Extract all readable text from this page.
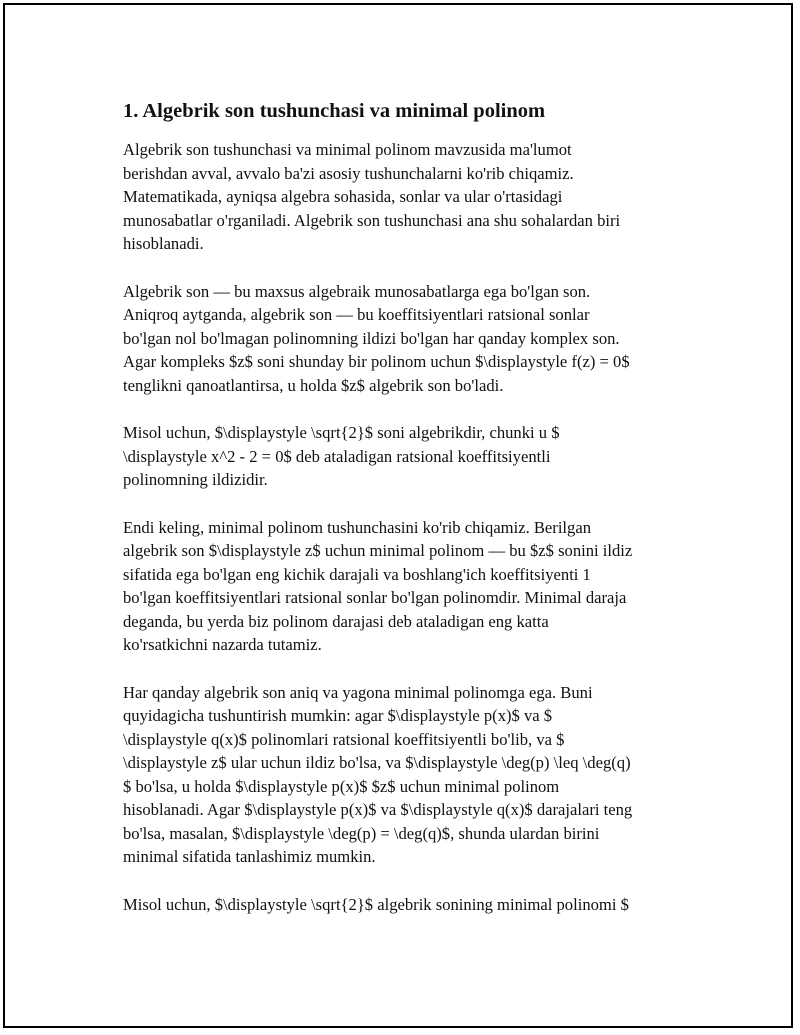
1. Algebrik son tushunchasi va minimal polinom

Algebrik son tushunchasi va minimal polinom mavzusida ma'lumot
berishdan avval, avvalo ba'zi asosiy tushunchalarni ko'rib chiqamiz.
Matematikada, ayniqsa algebra sohasida, sonlar va ular o'rtasidagi
munosabatlar o'rganiladi. Algebrik son tushunchasi ana shu sohalardan biri
hisoblanadi.

Algebrik son — bu maxsus algebraik munosabatlarga ega bo'lgan son.
Aniqroq aytganda, algebrik son — bu koeffitsiyentlari ratsional sonlar
bo'lgan nol bo'lmagan polinomning ildizi bo'lgan har qanday komplex son.
Agar kompleks $z$ soni shunday bir polinom uchun $\displaystyle f(z) = 0$
tenglikni qanoatlantirsa, u holda $z$ algebrik son bo'ladi.

Misol uchun, $\displaystyle \sqrt{2}$ soni algebrikdir, chunki u $
\displaystyle x^2 - 2 = 0$ deb ataladigan ratsional koeffitsiyentli
polinomning ildizidir.

Endi keling, minimal polinom tushunchasini ko'rib chiqamiz. Berilgan
algebrik son $\displaystyle z$ uchun minimal polinom — bu $z$ sonini ildiz
sifatida ega bo'lgan eng kichik darajali va boshlang'ich koeffitsiyenti 1
bo'lgan koeffitsiyentlari ratsional sonlar bo'lgan polinomdir. Minimal daraja
deganda, bu yerda biz polinom darajasi deb ataladigan eng katta
ko'rsatkichni nazarda tutamiz.

Har qanday algebrik son aniq va yagona minimal polinomga ega. Buni
quyidagicha tushuntirish mumkin: agar $\displaystyle p(x)$ va $
\displaystyle q(x)$ polinomlari ratsional koeffitsiyentli bo'lib, va $
\displaystyle z$ ular uchun ildiz bo'lsa, va $\displaystyle \deg(p) \leq \deg(q)
$ bo'lsa, u holda $\displaystyle p(x)$ $z$ uchun minimal polinom
hisoblanadi. Agar $\displaystyle p(x)$ va $\displaystyle q(x)$ darajalari teng
bo'lsa, masalan, $\displaystyle \deg(p) = \deg(q)$, shunda ulardan birini
minimal sifatida tanlashimiz mumkin.

Misol uchun, $\displaystyle \sqrt{2}$ algebrik sonining minimal polinomi $
